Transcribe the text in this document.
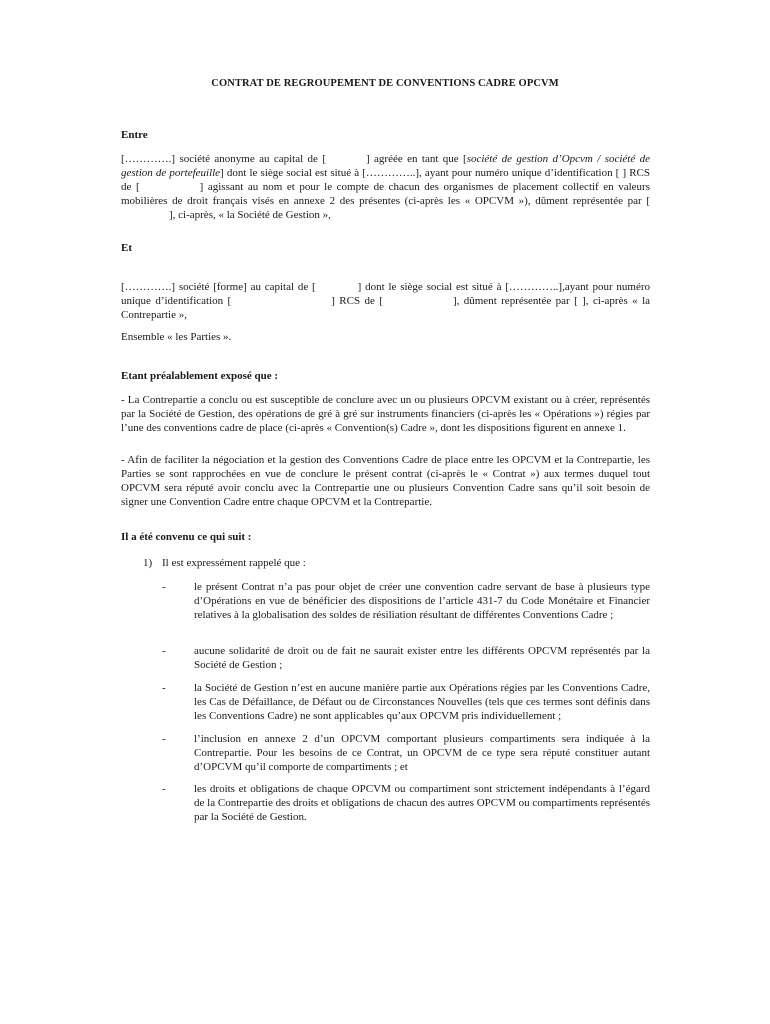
CONTRAT DE REGROUPEMENT DE CONVENTIONS CADRE OPCVM
Entre
[………….] société anonyme au capital de [	] agréée en tant que [société de gestion d’Opcvm / société de gestion de portefeuille] dont le siège social est situé à […………..], ayant pour numéro unique d’identification [ ] RCS de [	] agissant au nom et pour le compte de chacun des organismes de placement collectif en valeurs mobilières de droit français visés en annexe 2 des présentes (ci-après les « OPCVM »), dûment représentée par [], ci-après, « la Société de Gestion »,
Et
[………….] société [forme] au capital de [	] dont le siège social est situé à […………..],ayant pour numéro unique d’identification [	] RCS de [	], dûment représentée par [ ], ci-après « la Contrepartie »,
Ensemble « les Parties ».
Etant préalablement exposé que :
- La Contrepartie a conclu ou est susceptible de conclure avec un ou plusieurs OPCVM existant ou à créer, représentés par la Société de Gestion, des opérations de gré à gré sur instruments financiers (ci-après les « Opérations ») régies par l’une des conventions cadre de place (ci-après « Convention(s) Cadre », dont les dispositions figurent en annexe 1.
- Afin de faciliter la négociation et la gestion des Conventions Cadre de place entre les OPCVM et la Contrepartie, les Parties se sont rapprochées en vue de conclure le présent contrat (ci-après le « Contrat ») aux termes duquel tout OPCVM sera réputé avoir conclu avec la Contrepartie une ou plusieurs Convention Cadre sans qu’il soit besoin de signer une Convention Cadre entre chaque OPCVM et la Contrepartie.
Il a été convenu ce qui suit :
1) Il est expressément rappelé que :
-	le présent Contrat n’a pas pour objet de créer une convention cadre servant de base à plusieurs type d’Opérations en vue de bénéficier des dispositions de l’article 431-7 du Code Monétaire et Financier relatives à la globalisation des soldes de résiliation résultant de différentes Conventions Cadre ;
-	aucune solidarité de droit ou de fait ne saurait exister entre les différents OPCVM représentés par la Société de Gestion ;
-	la Société de Gestion n’est en aucune manière partie aux Opérations régies par les Conventions Cadre, les Cas de Défaillance, de Défaut ou de Circonstances Nouvelles (tels que ces termes sont définis dans les Conventions Cadre) ne sont applicables qu’aux OPCVM pris individuellement ;
-	l’inclusion en annexe 2 d’un OPCVM comportant plusieurs compartiments sera indiquée à la Contrepartie. Pour les besoins de ce Contrat, un OPCVM de ce type sera réputé constituer autant d’OPCVM qu’il comporte de compartiments ; et
-	les droits et obligations de chaque OPCVM ou compartiment sont strictement indépendants à l’égard de la Contrepartie des droits et obligations de chacun des autres OPCVM ou compartiments représentés par la Société de Gestion.
